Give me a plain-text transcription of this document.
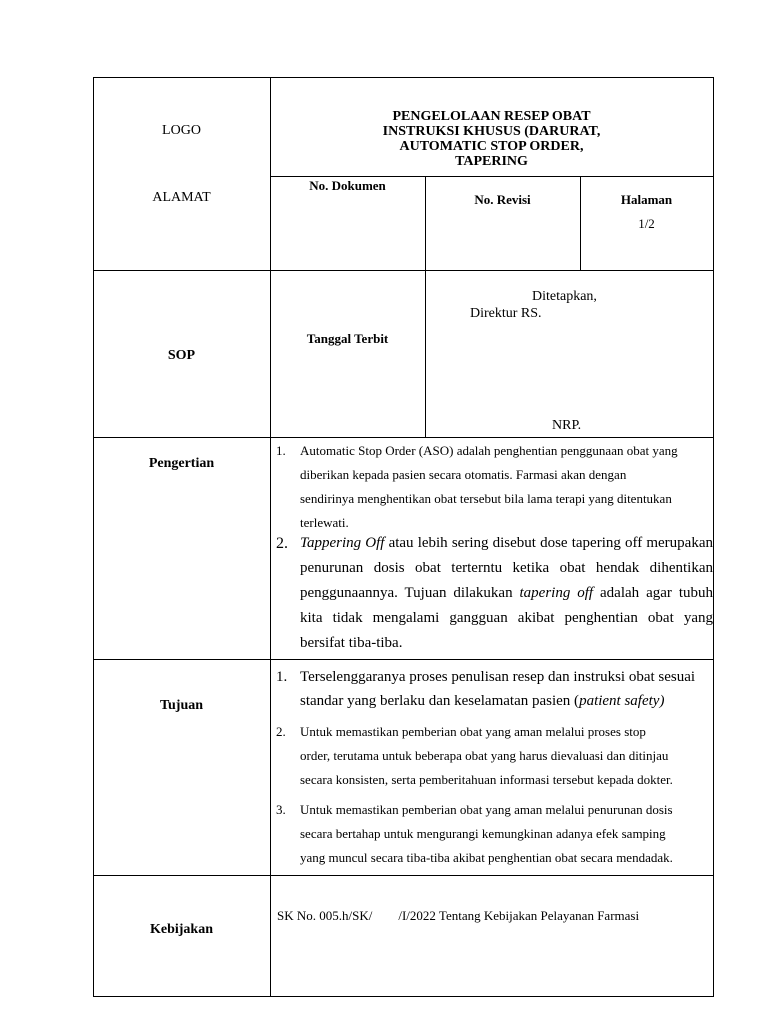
LOGO
ALAMAT
PENGELOLAAN RESEP OBAT
INSTRUKSI KHUSUS (DARURAT,
AUTOMATIC STOP ORDER,
TAPERING
No. Dokumen
No. Revisi	Halaman
1/2
SOP
Tanggal Terbit
Ditetapkan,
Direktur RS.
NRP.
Pengertian
1. Automatic Stop Order (ASO) adalah penghentian penggunaan obat yang
diberikan kepada pasien secara otomatis. Farmasi akan dengan
sendirinya menghentikan obat tersebut bila lama terapi yang ditentukan
terlewati.
2. Tappering Off atau lebih sering disebut dose tapering off merupakan penurunan dosis obat terterntu ketika obat hendak dihentikan penggunaannya. Tujuan dilakukan tapering off adalah agar tubuh kita tidak mengalami gangguan akibat penghentian obat yang bersifat tiba-tiba.
Tujuan
1. Terselenggaranya proses penulisan resep dan instruksi obat sesuai standar yang berlaku dan keselamatan pasien (patient safety)
2. Untuk memastikan pemberian obat yang aman melalui proses stop
order, terutama untuk beberapa obat yang harus dievaluasi dan ditinjau
secara konsisten, serta pemberitahuan informasi tersebut kepada dokter.
3. Untuk memastikan pemberian obat yang aman melalui penurunan dosis
secara bertahap untuk mengurangi kemungkinan adanya efek samping
yang muncul secara tiba-tiba akibat penghentian obat secara mendadak.
Kebijakan
SK No. 005.h/SK/        /I/2022 Tentang Kebijakan Pelayanan Farmasi
